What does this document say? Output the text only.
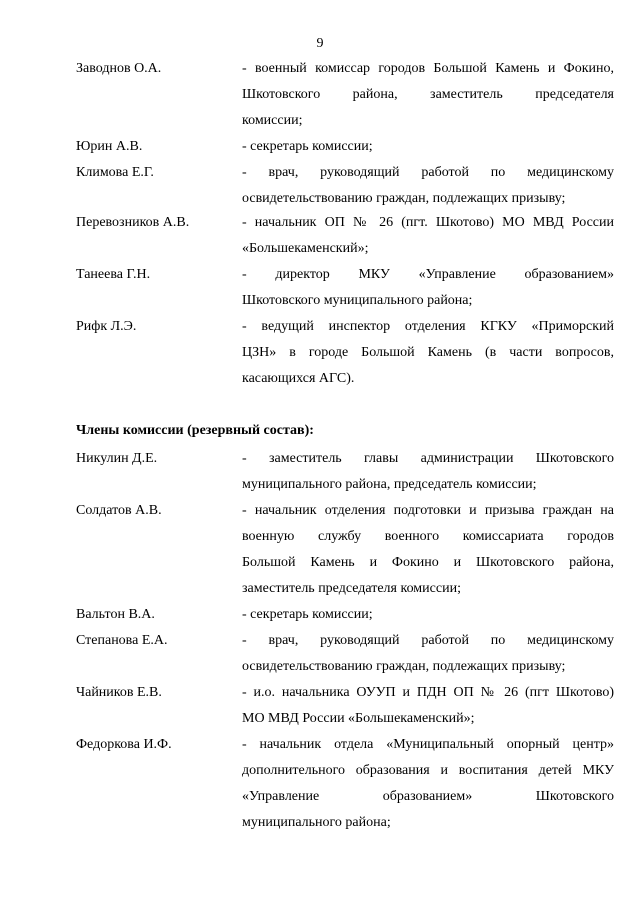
9
Заводнов О.А.	- военный комиссар городов Большой Камень и Фокино,
Шкотовского района, заместитель председателя
комиссии;
Юрин А.В.	- секретарь комиссии;
Климова Е.Г.	- врач, руководящий работой по медицинскому
освидетельствованию граждан, подлежащих призыву;
Перевозников А.В.	- начальник ОП № 26 (пгт. Шкотово) МО МВД России
«Большекаменский»;
Танеева Г.Н.	- директор МКУ «Управление образованием»
Шкотовского муниципального района;
Рифк Л.Э.	- ведущий инспектор отделения КГКУ «Приморский
ЦЗН» в городе Большой Камень (в части вопросов,
касающихся АГС).
Члены комиссии (резервный состав):
Никулин Д.Е.	- заместитель главы администрации Шкотовского
муниципального района, председатель комиссии;
Солдатов А.В.	- начальник отделения подготовки и призыва граждан на
военную службу военного комиссариата городов
Большой Камень и Фокино и Шкотовского района,
заместитель председателя комиссии;
Вальтон В.А.	- секретарь комиссии;
Степанова Е.А.	- врач, руководящий работой по медицинскому
освидетельствованию граждан, подлежащих призыву;
Чайников Е.В.	- и.о. начальника ОУУП и ПДН ОП № 26 (пгт Шкотово)
МО МВД России «Большекаменский»;
Федоркова И.Ф.	- начальник отдела «Муниципальный опорный центр»
дополнительного образования и воспитания детей МКУ
«Управление образованием» Шкотовского
муниципального района;
